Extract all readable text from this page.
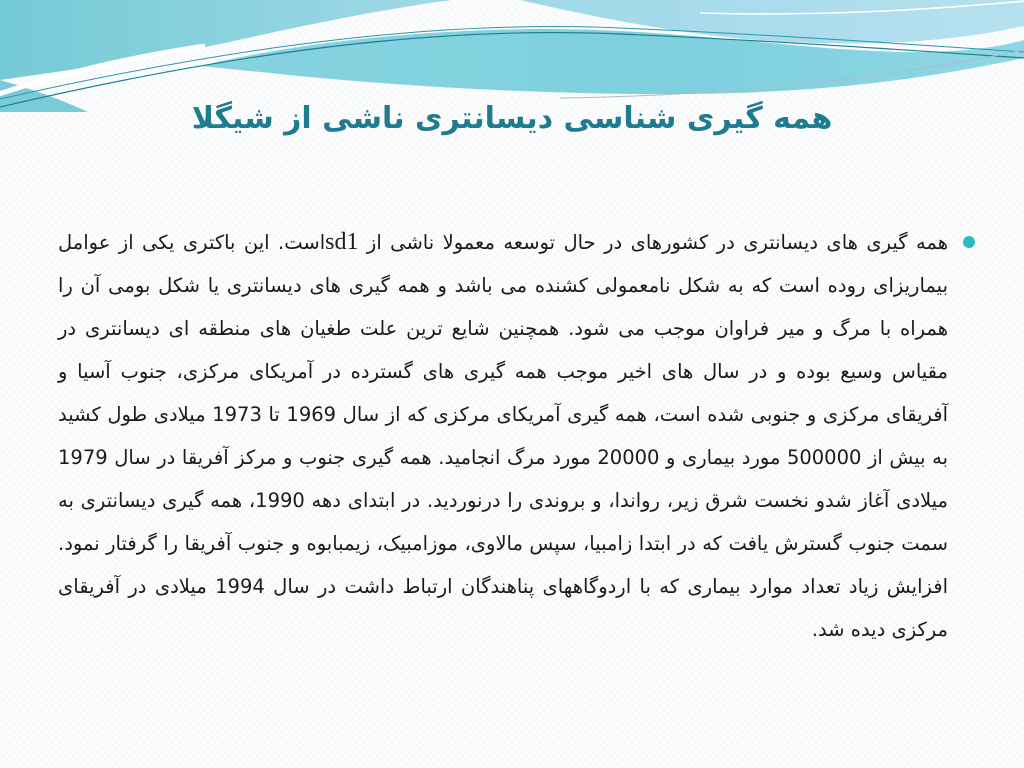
همه گیری شناسی دیسانتری ناشی از شیگلا

همه گیری های دیسانتری در کشورهای در حال توسعه معمولا ناشی از sd1است. این باکتری یکی از عوامل بیماریزای روده است که به شکل نامعمولی کشنده می باشد و همه گیری های دیسانتری یا شکل بومی آن را همراه با مرگ و میر فراوان موجب می شود. همچنین شایع ترین علت طغیان های منطقه ای دیسانتری در مقیاس وسیع بوده و در سال های اخیر موجب همه گیری های گسترده در آمریکای مرکزی، جنوب آسیا و آفریقای مرکزی و جنوبی شده است، همه گیری آمریکای مرکزی که از سال 1969 تا 1973 میلادی طول کشید به بیش از 500000 مورد بیماری و 20000 مورد مرگ انجامید. همه گیری جنوب و مرکز آفریقا در سال 1979 میلادی آغاز شدو نخست شرق زیر، رواندا، و بروندی را درنوردید. در ابتدای دهه 1990، همه گیری دیسانتری به سمت جنوب گسترش یافت که در ابتدا زامبیا، سپس مالاوی، موزامبیک، زیمبابوه و جنوب آفریقا را گرفتار نمود. افزایش زیاد تعداد موارد بیماری که با اردوگاههای پناهندگان ارتباط داشت در سال 1994 میلادی در آفریقای مرکزی دیده شد.
